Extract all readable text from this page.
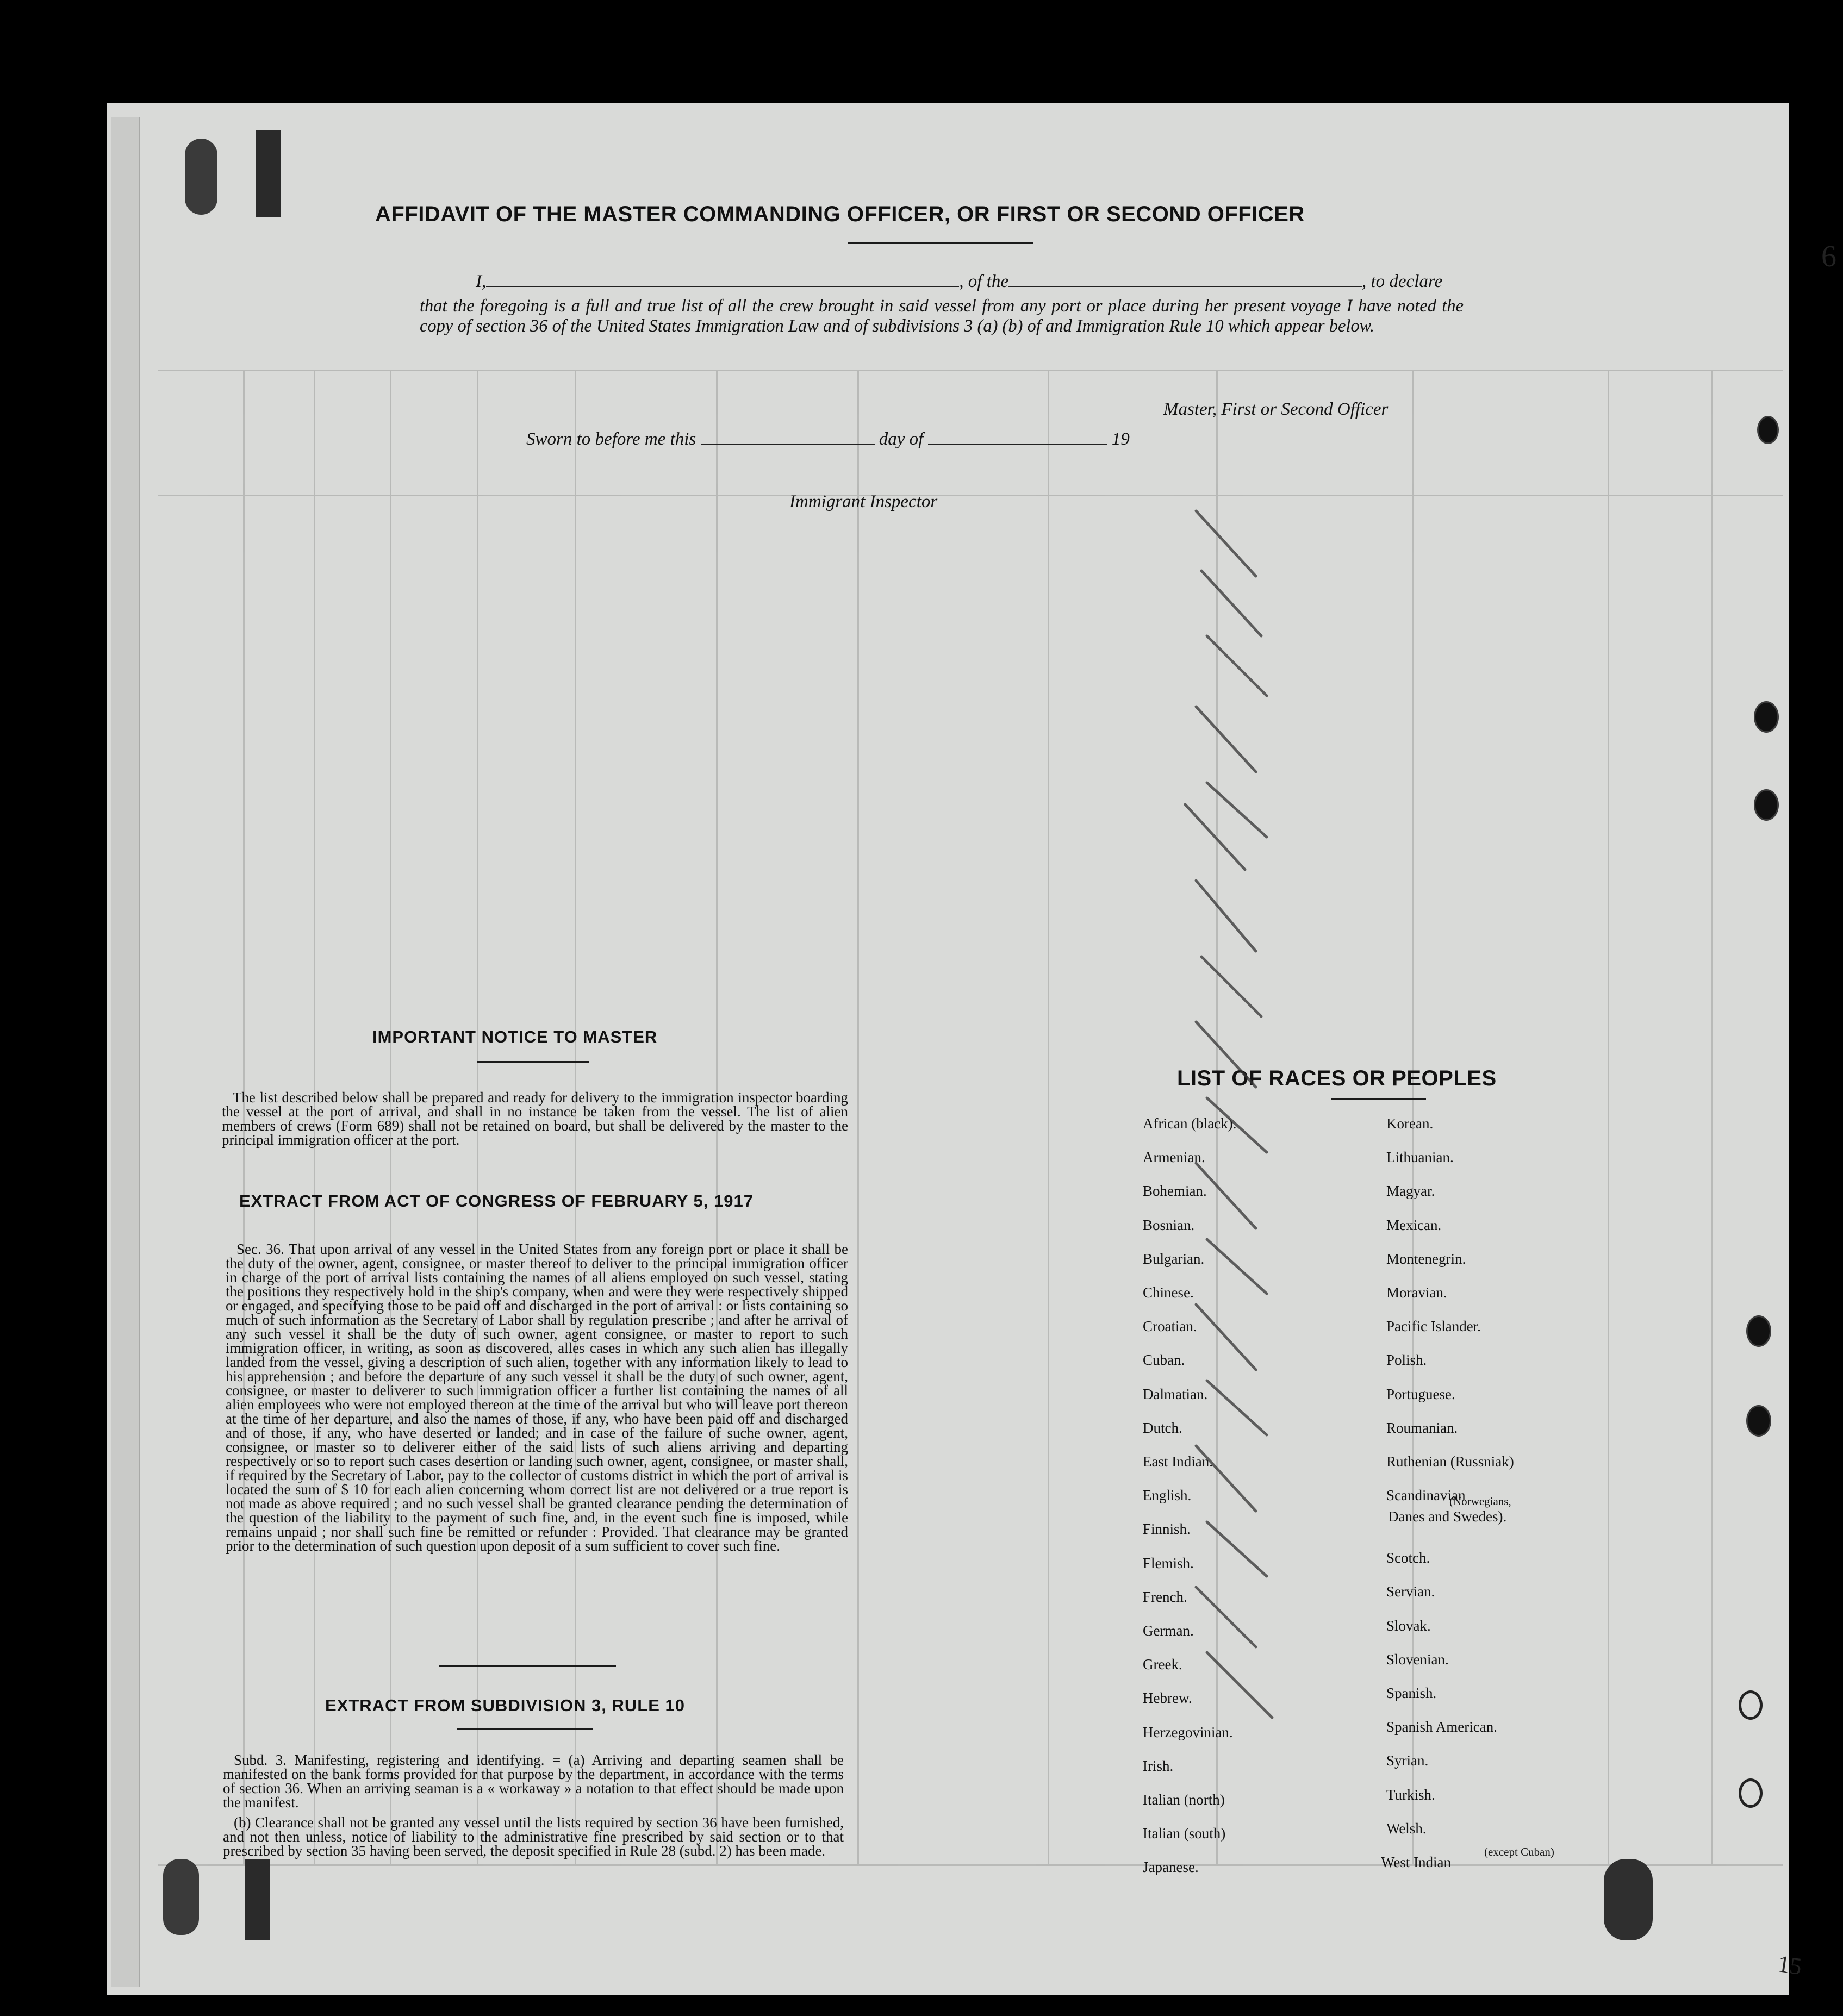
AFFIDAVIT OF THE MASTER COMMANDING OFFICER, OR FIRST OR SECOND OFFICER
I,	, of the	, to declare
that the foregoing is a full and true list of all the crew brought in said vessel from any port or place during her present voyage I have noted the copy of section 36 of the United States Immigration Law and of subdivisions 3 (a) (b) of and Immigration Rule 10 which appear below.
Master, First or Second Officer
Sworn to before me this	day of	19
Immigrant Inspector
IMPORTANT NOTICE TO MASTER
The list described below shall be prepared and ready for delivery to the immigration inspector boarding the vessel at the port of arrival, and shall in no instance be taken from the vessel. The list of alien members of crews (Form 689) shall not be retained on board, but shall be delivered by the master to the principal immigration officer at the port.
EXTRACT FROM ACT OF CONGRESS OF FEBRUARY 5, 1917
Sec. 36. That upon arrival of any vessel in the United States from any foreign port or place it shall be the duty of the owner, agent, consignee, or master thereof to deliver to the principal immigration officer in charge of the port of arrival lists containing the names of all aliens employed on such vessel, stating the positions they respectively hold in the ship's company, when and were they were respectively shipped or engaged, and specifying those to be paid off and discharged in the port of arrival : or lists containing so much of such information as the Secretary of Labor shall by regulation prescribe ; and after he arrival of any such vessel it shall be the duty of such owner, agent consignee, or master to report to such immigration officer, in writing, as soon as discovered, alles cases in which any such alien has illegally landed from the vessel, giving a description of such alien, together with any information likely to lead to his apprehension ; and before the departure of any such vessel it shall be the duty of such owner, agent, consignee, or master to deliverer to such immigration officer a further list containing the names of all alien employees who were not employed thereon at the time of the arrival but who will leave port thereon at the time of her departure, and also the names of those, if any, who have been paid off and discharged and of those, if any, who have deserted or landed; and in case of the failure of suche owner, agent, consignee, or master so to deliverer either of the said lists of such aliens arriving and departing respectively or so to report such cases desertion or landing such owner, agent, consignee, or master shall, if required by the Secretary of Labor, pay to the collector of customs district in which the port of arrival is located the sum of $ 10 for each alien concerning whom correct list are not delivered or a true report is not made as above required ; and no such vessel shall be granted clearance pending the determination of the question of the liability to the payment of such fine, and, in the event such fine is imposed, while remains unpaid ; nor shall such fine be remitted or refunder : Provided. That clearance may be granted prior to the determination of such question upon deposit of a sum sufficient to cover such fine.
EXTRACT FROM SUBDIVISION 3, RULE 10
Subd. 3. Manifesting, registering and identifying. = (a) Arriving and departing seamen shall be manifested on the bank forms provided for that purpose by the department, in accordance with the terms of section 36. When an arriving seaman is a « workaway » a notation to that effect should be made upon the manifest.
(b) Clearance shall not be granted any vessel until the lists required by section 36 have been furnished, and not then unless, notice of liability to the administrative fine prescribed by said section or to that prescribed by section 35 having been served, the deposit specified in Rule 28 (subd. 2) has been made.
LIST OF RACES OR PEOPLES
African (black).
Armenian.
Bohemian.
Bosnian.
Bulgarian.
Chinese.
Croatian.
Cuban.
Dalmatian.
Dutch.
East Indian.
English.
Finnish.
Flemish.
French.
German.
Greek.
Hebrew.
Herzegovinian.
Irish.
Italian (north)
Italian (south)
Japanese.
Korean.
Lithuanian.
Magyar.
Mexican.
Montenegrin.
Moravian.
Pacific Islander.
Polish.
Portuguese.
Roumanian.
Ruthenian (Russniak)
Scandinavian
Scotch.
Servian.
Slovak.
Slovenian.
Spanish.
Spanish American.
Syrian.
Turkish.
Welsh.
West Indian
(Norwegians,
Danes and Swedes).
(except Cuban)
6
15
